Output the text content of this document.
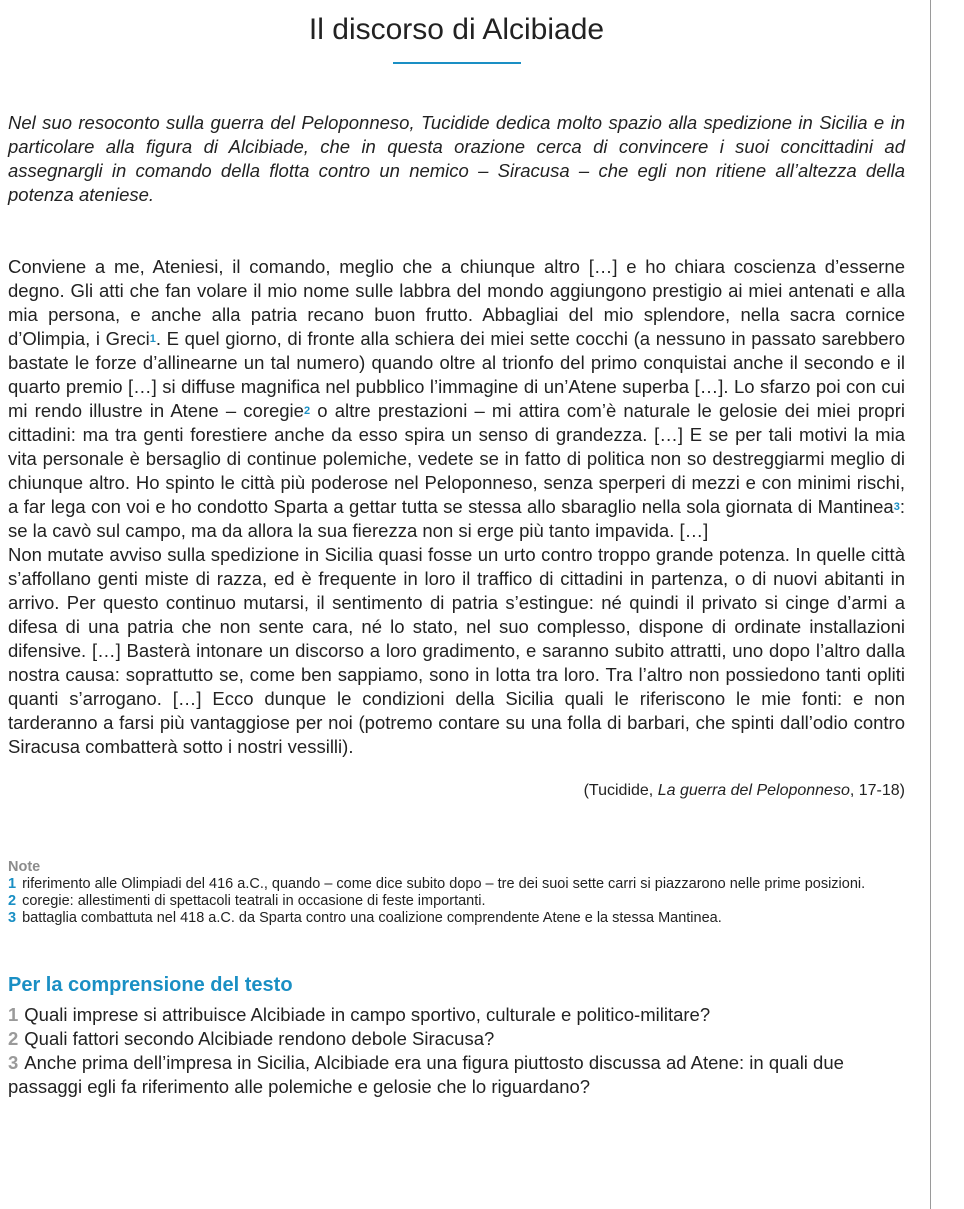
Il discorso di Alcibiade
Nel suo resoconto sulla guerra del Peloponneso, Tucidide dedica molto spazio alla spedizione in Sicilia e in particolare alla figura di Alcibiade, che in questa orazione cerca di convincere i suoi concittadini ad assegnargli in comando della flotta contro un nemico – Siracusa – che egli non ritiene all’altezza della potenza ateniese.

Conviene a me, Ateniesi, il comando, meglio che a chiunque altro […] e ho chiara coscienza d’esserne degno. Gli atti che fan volare il mio nome sulle labbra del mondo aggiungono prestigio ai miei antenati e alla mia persona, e anche alla patria recano buon frutto. Abbagliai del mio splendore, nella sacra cornice d’Olimpia, i Greci$^1$. E quel giorno, di fronte alla schiera dei miei sette cocchi (a nessuno in passato sarebbero bastate le forze d’allinearne un tal numero) quando oltre al trionfo del primo conquistai anche il secondo e il quarto premio […] si diffuse magnifica nel pubblico l’immagine di un’Atene superba […]. Lo sfarzo poi con cui mi rendo illustre in Atene – coregie$^2$ o altre prestazioni – mi attira com’è naturale le gelosie dei miei propri cittadini: ma tra genti forestiere anche da esso spira un senso di grandezza. […] E se per tali motivi la mia vita personale è bersaglio di continue polemiche, vedete se in fatto di politica non so destreggiarmi meglio di chiunque altro. Ho spinto le città più poderose nel Peloponneso, senza sperperi di mezzi e con minimi rischi, a far lega con voi e ho condotto Sparta a gettar tutta se stessa allo sbaraglio nella sola giornata di Mantinea$^3$: se la cavò sul campo, ma da allora la sua fierezza non si erge più tanto impavida. […]

Non mutate avviso sulla spedizione in Sicilia quasi fosse un urto contro troppo grande potenza. In quelle città s’affollano genti miste di razza, ed è frequente in loro il traffico di cittadini in partenza, o di nuovi abitanti in arrivo. Per questo continuo mutarsi, il sentimento di patria s’estingue: né quindi il privato si cinge d’armi a difesa di una patria che non sente cara, né lo stato, nel suo complesso, dispone di ordinate installazioni difensive. […] Basterà intonare un discorso a loro gradimento, e saranno subito attratti, uno dopo l’altro dalla nostra causa: soprattutto se, come ben sappiamo, sono in lotta tra loro. Tra l’altro non possiedono tanti opliti quanti s’arrogano. […] Ecco dunque le condizioni della Sicilia quali le riferiscono le mie fonti: e non tarderanno a farsi più vantaggiose per noi (potremo contare su una folla di barbari, che spinti dall’odio contro Siracusa combatterà sotto i nostri vessilli).

(Tucidide, La guerra del Peloponneso, 17-18)
Note
1 riferimento alle Olimpiadi del 416 a.C., quando – come dice subito dopo – tre dei suoi sette carri si piazzarono nelle prime posizioni.
2 coregie: allestimenti di spettacoli teatrali in occasione di feste importanti.
3 battaglia combattuta nel 418 a.C. da Sparta contro una coalizione comprendente Atene e la stessa Mantinea.
Per la comprensione del testo
1 Quali imprese si attribuisce Alcibiade in campo sportivo, culturale e politico-militare?
2 Quali fattori secondo Alcibiade rendono debole Siracusa?
3 Anche prima dell’impresa in Sicilia, Alcibiade era una figura piuttosto discussa ad Atene: in quali due passaggi egli fa riferimento alle polemiche e gelosie che lo riguardano?
